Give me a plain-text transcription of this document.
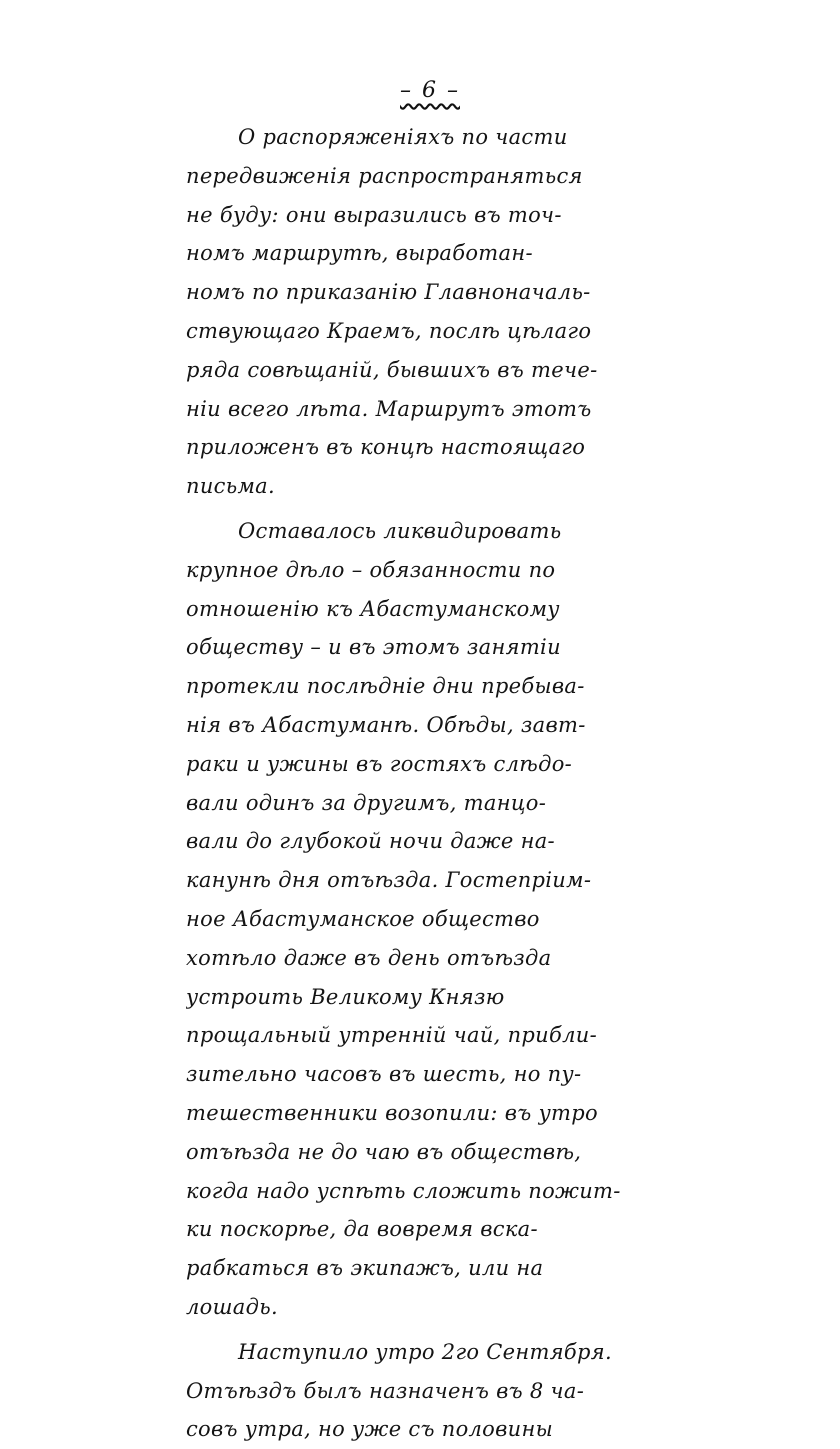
– 6 –
О распоряженiяхъ по части
передвиженiя распространяться
не буду: они выразились въ точ-
номъ маршрутѣ, выработан-
номъ по приказанiю Главноначаль-
ствующаго Краемъ, послѣ цѣлаго
ряда совѣщанiй, бывшихъ въ тече-
нiи всего лѣта. Маршрутъ этотъ
приложенъ въ концѣ настоящаго
письма.
Оставалось ликвидировать
крупное дѣло – обязанности по
отношенiю къ Абастуманскому
обществу – и въ этомъ занятiи
протекли послѣднiе дни пребыва-
нiя въ Абастуманѣ. Обѣды, завт-
раки и ужины въ гостяхъ слѣдо-
вали одинъ за другимъ, танцо-
вали до глубокой ночи даже на-
канунѣ дня отъѣзда. Гостепрiим-
ное Абастуманское общество
хотѣло даже въ день отъѣзда
устроить Великому Князю
прощальный утреннiй чай, прибли-
зительно часовъ въ шесть, но пу-
тешественники возопили: въ утро
отъѣзда не до чаю въ обществѣ,
когда надо успѣть сложить пожит-
ки поскорѣе, да вовремя вска-
рабкаться въ экипажъ, или на
лошадь.
Наступило утро 2го Сентября.
Отъѣздъ былъ назначенъ въ 8 ча-
совъ утра, но уже съ половины
